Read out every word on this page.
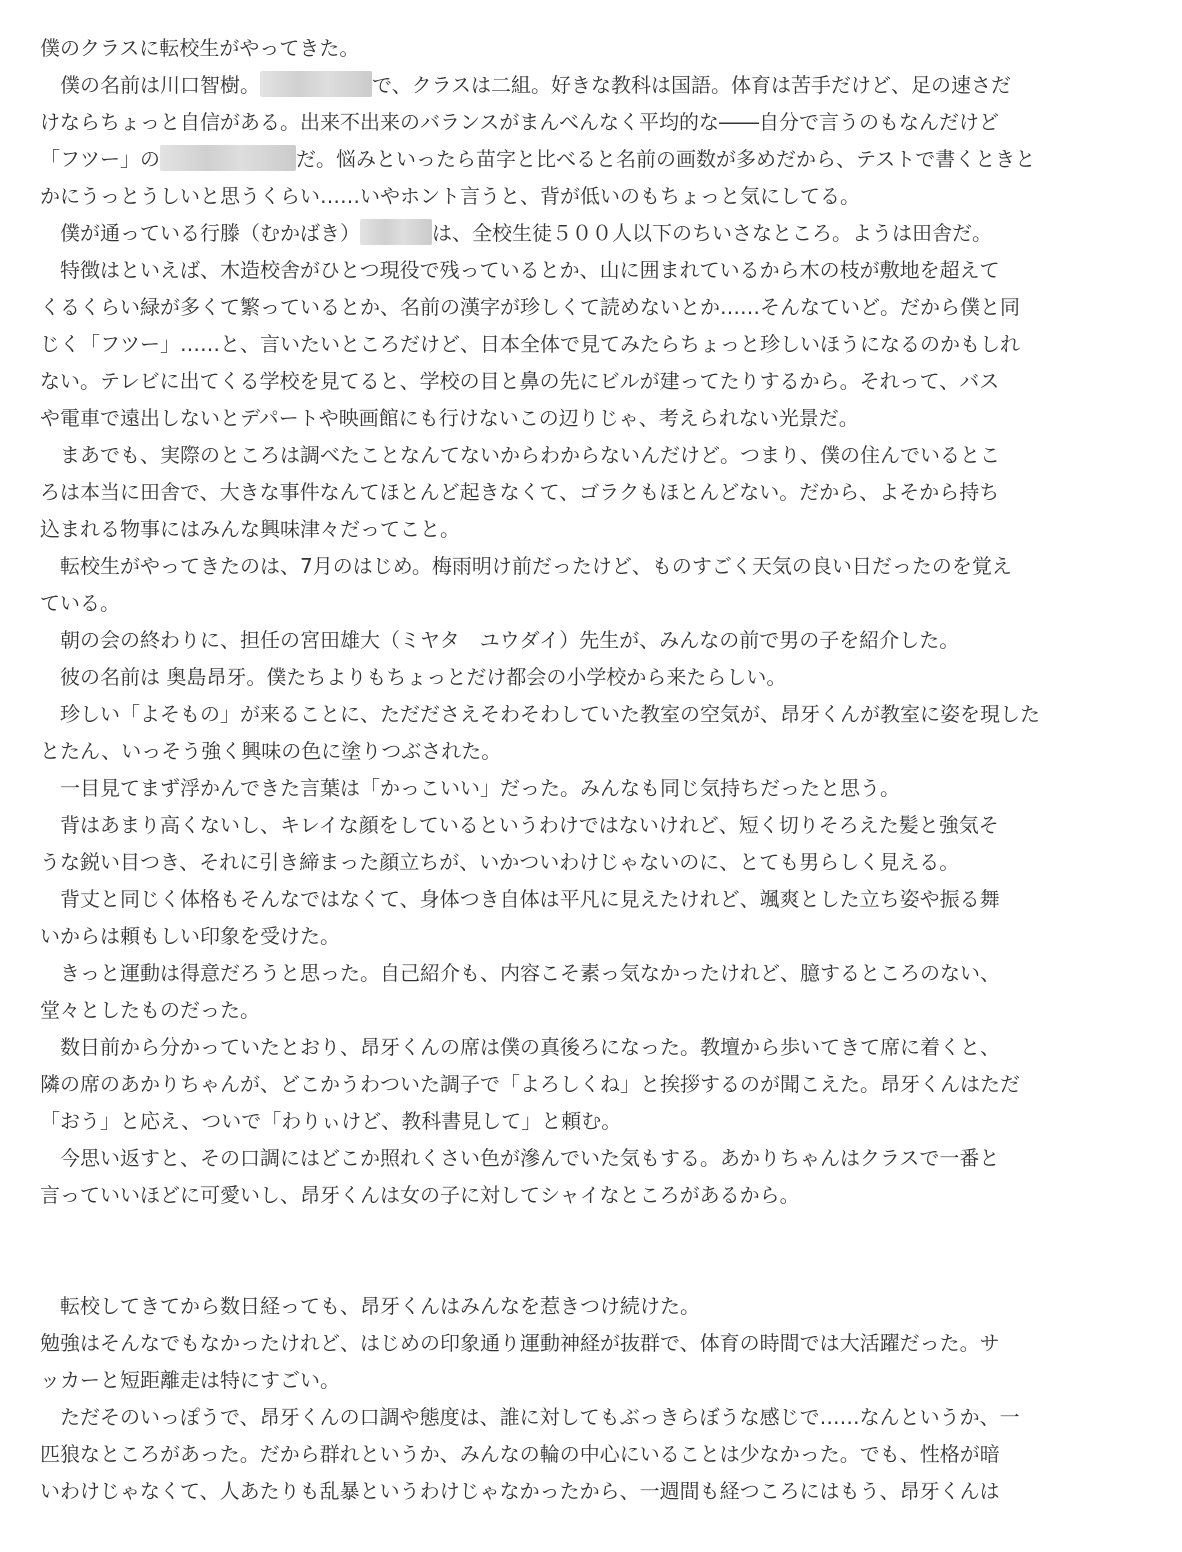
僕のクラスに転校生がやってきた。
僕の名前は川口智樹。	で、クラスは二組。好きな教科は国語。体育は苦手だけど、足の速さだ
けならちょっと自信がある。出来不出来のバランスがまんべんなく平均的な――自分で言うのもなんだけど
「フツー」の	だ。悩みといったら苗字と比べると名前の画数が多めだから、テストで書くときと
かにうっとうしいと思うくらい……いやホント言うと、背が低いのもちょっと気にしてる。
僕が通っている行滕（むかばき）	は、全校生徒５００人以下のちいさなところ。ようは田舎だ。
特徴はといえば、木造校舎がひとつ現役で残っているとか、山に囲まれているから木の枝が敷地を超えて
くるくらい緑が多くて繁っているとか、名前の漢字が珍しくて読めないとか……そんなていど。だから僕と同
じく「フツー」……と、言いたいところだけど、日本全体で見てみたらちょっと珍しいほうになるのかもしれ
ない。テレビに出てくる学校を見てると、学校の目と鼻の先にビルが建ってたりするから。それって、バス
や電車で遠出しないとデパートや映画館にも行けないこの辺りじゃ、考えられない光景だ。
まあでも、実際のところは調べたことなんてないからわからないんだけど。つまり、僕の住んでいるとこ
ろは本当に田舎で、大きな事件なんてほとんど起きなくて、ゴラクもほとんどない。だから、よそから持ち
込まれる物事にはみんな興味津々だってこと。
転校生がやってきたのは、7月のはじめ。梅雨明け前だったけど、ものすごく天気の良い日だったのを覚え
ている。
朝の会の終わりに、担任の宮田雄大（ミヤタ　ユウダイ）先生が、みんなの前で男の子を紹介した。
彼の名前は 奥島昂牙。僕たちよりもちょっとだけ都会の小学校から来たらしい。
珍しい「よそもの」が来ることに、ただださえそわそわしていた教室の空気が、昂牙くんが教室に姿を現した
とたん、いっそう強く興味の色に塗りつぶされた。
一目見てまず浮かんできた言葉は「かっこいい」だった。みんなも同じ気持ちだったと思う。
背はあまり高くないし、キレイな顔をしているというわけではないけれど、短く切りそろえた髪と強気そ
うな鋭い目つき、それに引き締まった顔立ちが、いかついわけじゃないのに、とても男らしく見える。
背丈と同じく体格もそんなではなくて、身体つき自体は平凡に見えたけれど、颯爽とした立ち姿や振る舞
いからは頼もしい印象を受けた。
きっと運動は得意だろうと思った。自己紹介も、内容こそ素っ気なかったけれど、臆するところのない、
堂々としたものだった。
数日前から分かっていたとおり、昂牙くんの席は僕の真後ろになった。教壇から歩いてきて席に着くと、
隣の席のあかりちゃんが、どこかうわついた調子で「よろしくね」と挨拶するのが聞こえた。昂牙くんはただ
「おう」と応え、ついで「わりぃけど、教科書見して」と頼む。
今思い返すと、その口調にはどこか照れくさい色が滲んでいた気もする。あかりちゃんはクラスで一番と
言っていいほどに可愛いし、昂牙くんは女の子に対してシャイなところがあるから。
転校してきてから数日経っても、昂牙くんはみんなを惹きつけ続けた。
勉強はそんなでもなかったけれど、はじめの印象通り運動神経が抜群で、体育の時間では大活躍だった。サ
ッカーと短距離走は特にすごい。
ただそのいっぽうで、昂牙くんの口調や態度は、誰に対してもぶっきらぼうな感じで……なんというか、一
匹狼なところがあった。だから群れというか、みんなの輪の中心にいることは少なかった。でも、性格が暗
いわけじゃなくて、人あたりも乱暴というわけじゃなかったから、一週間も経つころにはもう、昂牙くんは
